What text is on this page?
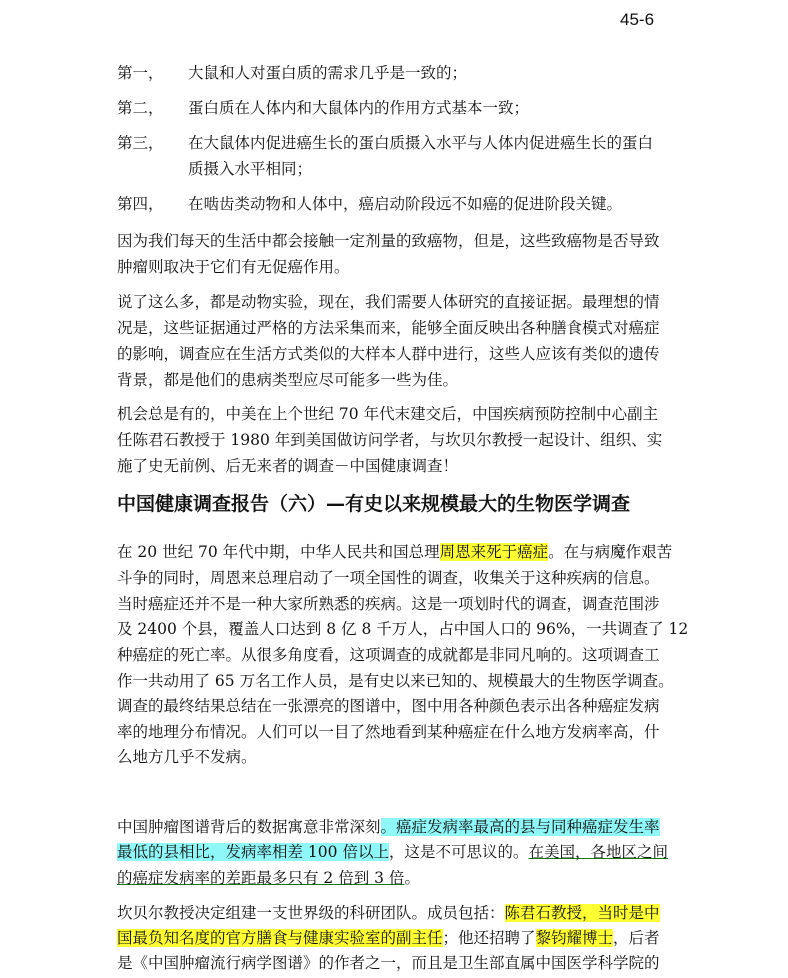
45-6
第一， 大鼠和人对蛋白质的需求几乎是一致的；
第二， 蛋白质在人体内和大鼠体内的作用方式基本一致；
第三， 在大鼠体内促进癌生长的蛋白质摄入水平与人体内促进癌生长的蛋白
质摄入水平相同；
第四， 在啮齿类动物和人体中，癌启动阶段远不如癌的促进阶段关键。
因为我们每天的生活中都会接触一定剂量的致癌物，但是，这些致癌物是否导致
肿瘤则取决于它们有无促癌作用。
说了这么多，都是动物实验，现在，我们需要人体研究的直接证据。最理想的情
况是，这些证据通过严格的方法采集而来，能够全面反映出各种膳食模式对癌症
的影响，调查应在生活方式类似的大样本人群中进行，这些人应该有类似的遗传
背景，都是他们的患病类型应尽可能多一些为佳。
机会总是有的，中美在上个世纪 70 年代末建交后，中国疾病预防控制中心副主
任陈君石教授于 1980 年到美国做访问学者，与坎贝尔教授一起设计、组织、实
施了史无前例、后无来者的调查－中国健康调查！
中国健康调查报告（六）—有史以来规模最大的生物医学调查
在 20 世纪 70 年代中期，中华人民共和国总理周恩来死于癌症。在与病魔作艰苦
斗争的同时，周恩来总理启动了一项全国性的调查，收集关于这种疾病的信息。
当时癌症还并不是一种大家所熟悉的疾病。这是一项划时代的调查，调查范围涉
及 2400 个县，覆盖人口达到 8 亿 8 千万人，占中国人口的 96%，一共调查了 12
种癌症的死亡率。从很多角度看，这项调查的成就都是非同凡响的。这项调查工
作一共动用了 65 万名工作人员，是有史以来已知的、规模最大的生物医学调查。
调查的最终结果总结在一张漂亮的图谱中，图中用各种颜色表示出各种癌症发病
率的地理分布情况。人们可以一目了然地看到某种癌症在什么地方发病率高，什
么地方几乎不发病。
中国肿瘤图谱背后的数据寓意非常深刻。癌症发病率最高的县与同种癌症发生率
最低的县相比，发病率相差 100 倍以上，这是不可思议的。在美国，各地区之间
的癌症发病率的差距最多只有 2 倍到 3 倍。
坎贝尔教授决定组建一支世界级的科研团队。成员包括：陈君石教授，当时是中
国最负知名度的官方膳食与健康实验室的副主任；他还招聘了黎钧耀博士，后者
是《中国肿瘤流行病学图谱》的作者之一，而且是卫生部直属中国医学科学院的
